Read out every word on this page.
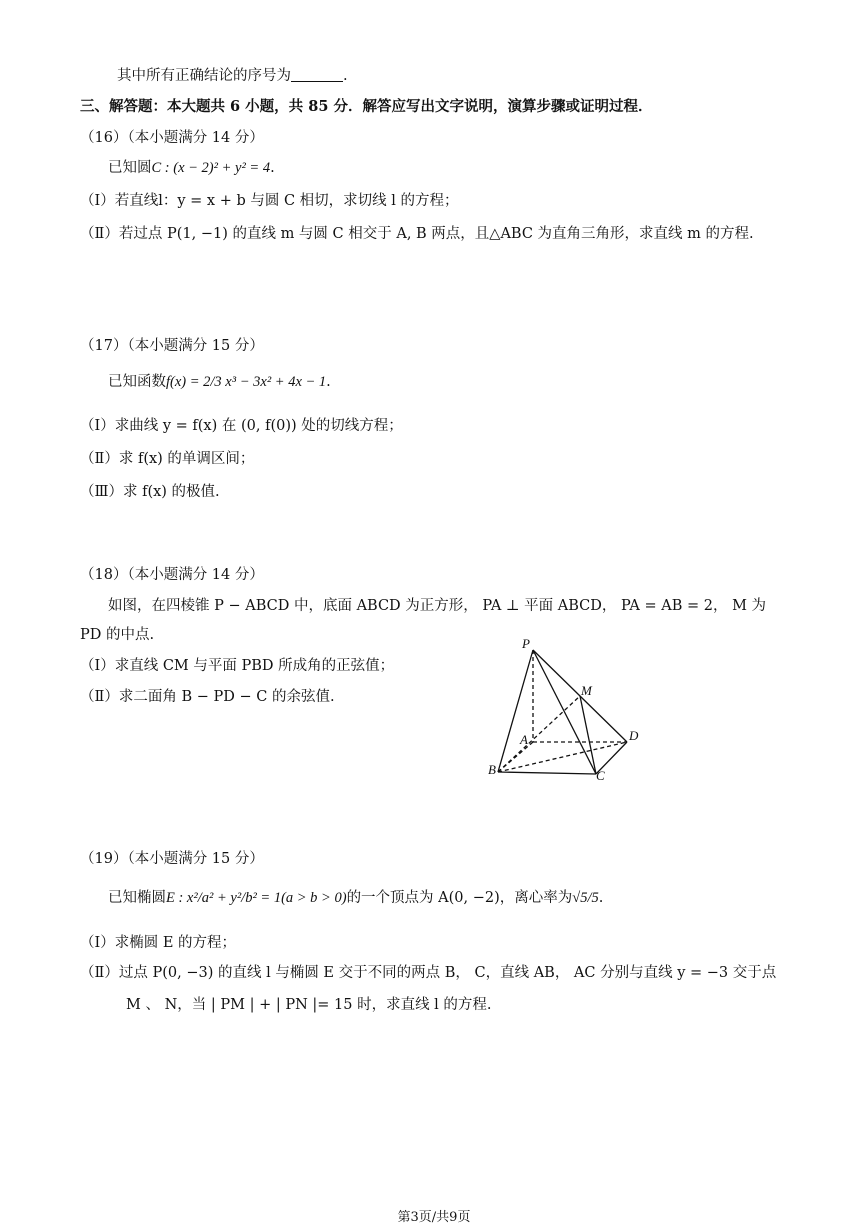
其中所有正确结论的序号为	.
三、解答题：本大题共 6 小题，共 85 分．解答应写出文字说明，演算步骤或证明过程．
（16）（本小题满分 14 分）
已知圆C : (x − 2)² + y² = 4.
（Ⅰ）若直线l：y = x + b 与圆 C 相切，求切线 l 的方程；
（Ⅱ）若过点 P(1, −1) 的直线 m 与圆 C 相交于 A, B 两点，且△ABC 为直角三角形，求直线 m 的方程.
（17）（本小题满分 15 分）
已知函数f(x) = 2/3 x³ − 3x² + 4x − 1.
（Ⅰ）求曲线 y = f(x) 在 (0, f(0)) 处的切线方程；
（Ⅱ）求 f(x) 的单调区间；
（Ⅲ）求 f(x) 的极值.
（18）（本小题满分 14 分）
如图，在四棱锥 P − ABCD 中，底面 ABCD 为正方形， PA ⊥ 平面 ABCD， PA = AB = 2， M 为
PD 的中点.
（Ⅰ）求直线 CM 与平面 PBD 所成角的正弦值；
（Ⅱ）求二面角 B − PD − C 的余弦值.
P
M
A	D
B	C
（19）（本小题满分 15 分）
已知椭圆E : x²/a² + y²/b² = 1(a > b > 0)的一个顶点为 A(0, −2)，离心率为√5/5.
（Ⅰ）求椭圆 E 的方程；
（Ⅱ）过点 P(0, −3) 的直线 l 与椭圆 E 交于不同的两点 B， C，直线 AB， AC 分别与直线 y = −3 交于点
M 、 N，当 | PM | + | PN |= 15 时，求直线 l 的方程.
第3页/共9页
